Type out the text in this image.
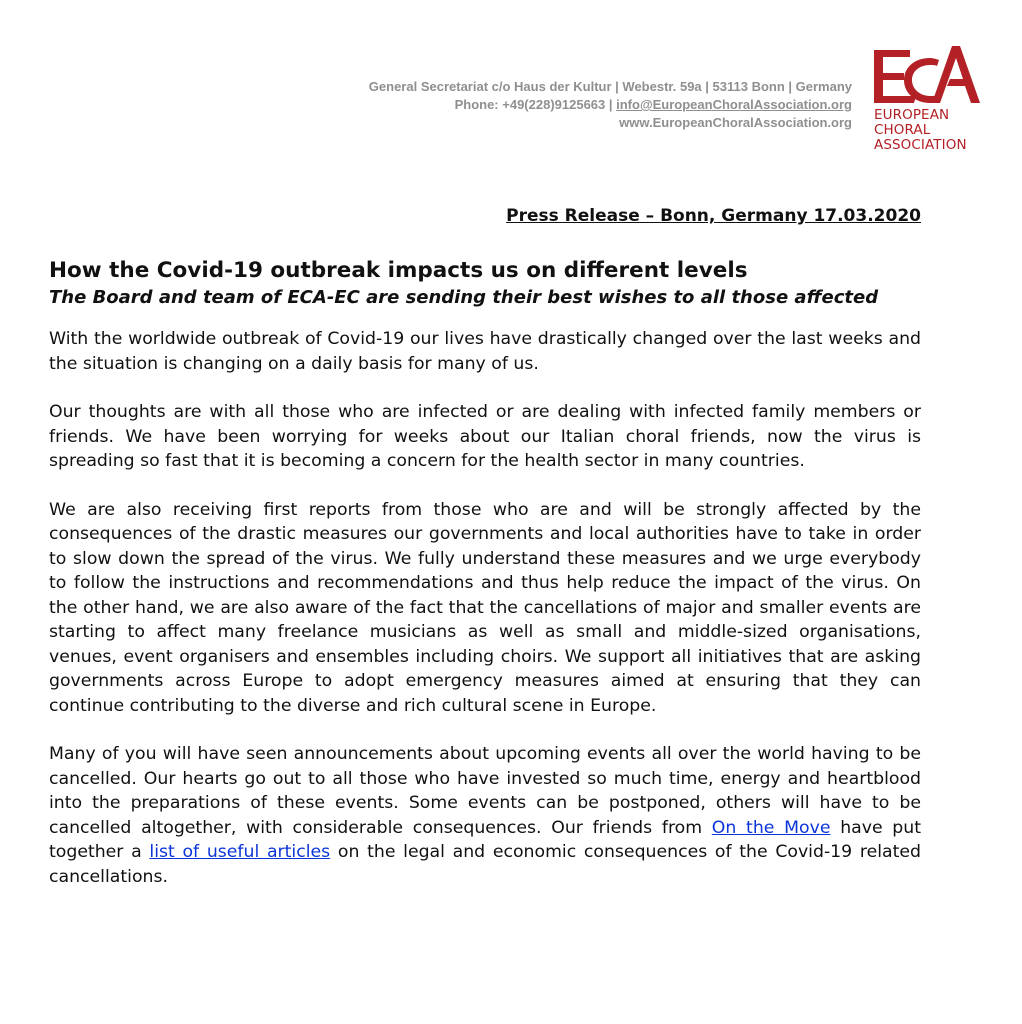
General Secretariat c/o Haus der Kultur | Webestr. 59a | 53113 Bonn | Germany
Phone: +49(228)9125663 | info@EuropeanChoralAssociation.org
www.EuropeanChoralAssociation.org EUROPEAN
CHORAL
ASSOCIATION
Press Release – Bonn, Germany 17.03.2020
How the Covid-19 outbreak impacts us on different levels
The Board and team of ECA-EC are sending their best wishes to all those affected

With the worldwide outbreak of Covid-19 our lives have drastically changed over the last weeks and the situation is changing on a daily basis for many of us.

Our thoughts are with all those who are infected or are dealing with infected family members or friends. We have been worrying for weeks about our Italian choral friends, now the virus is spreading so fast that it is becoming a concern for the health sector in many countries.

We are also receiving first reports from those who are and will be strongly affected by the consequences of the drastic measures our governments and local authorities have to take in order to slow down the spread of the virus. We fully understand these measures and we urge everybody to follow the instructions and recommendations and thus help reduce the impact of the virus. On the other hand, we are also aware of the fact that the cancellations of major and smaller events are starting to affect many freelance musicians as well as small and middle-sized organisations, venues, event organisers and ensembles including choirs. We support all initiatives that are asking governments across Europe to adopt emergency measures aimed at ensuring that they can continue contributing to the diverse and rich cultural scene in Europe.

Many of you will have seen announcements about upcoming events all over the world having to be cancelled. Our hearts go out to all those who have invested so much time, energy and heartblood into the preparations of these events. Some events can be postponed, others will have to be cancelled altogether, with considerable consequences. Our friends from On the Move have put together a list of useful articles on the legal and economic consequences of the Covid-19 related cancellations.
